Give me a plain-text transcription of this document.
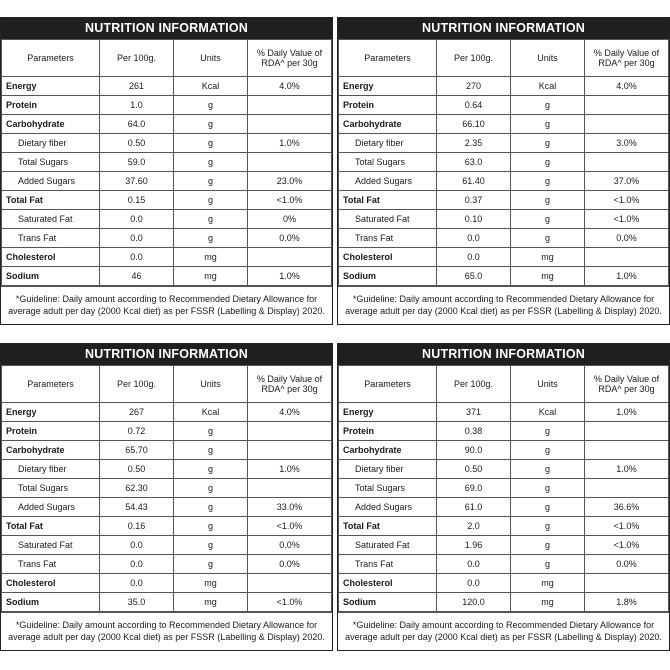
NUTRITION INFORMATION
Parameters	Per 100g.	Units	% Daily Value of RDA^ per 30g
Energy	261	Kcal	4.0%
Protein	1.0	g	
Carbohydrate	64.0	g	
Dietary fiber	0.50	g	1.0%
Total Sugars	59.0	g	
Added Sugars	37.60	g	23.0%
Total Fat	0.15	g	<1.0%
Saturated Fat	0.0	g	0%
Trans Fat	0.0	g	0.0%
Cholesterol	0.0	mg	
Sodium	46	mg	1.0%
*Guideline: Daily amount according to Recommended Dietary Allowance for average adult per day (2000 Kcal diet) as per FSSR (Labelling & Display) 2020.
NUTRITION INFORMATION
Parameters	Per 100g.	Units	% Daily Value of RDA^ per 30g
Energy	270	Kcal	4.0%
Protein	0.64	g	
Carbohydrate	66.10	g	
Dietary fiber	2.35	g	3.0%
Total Sugars	63.0	g	
Added Sugars	61.40	g	37.0%
Total Fat	0.37	g	<1.0%
Saturated Fat	0.10	g	<1.0%
Trans Fat	0.0	g	0.0%
Cholesterol	0.0	mg	
Sodium	65.0	mg	1.0%
*Guideline: Daily amount according to Recommended Dietary Allowance for average adult per day (2000 Kcal diet) as per FSSR (Labelling & Display) 2020.
NUTRITION INFORMATION
Parameters	Per 100g.	Units	% Daily Value of RDA^ per 30g
Energy	267	Kcal	4.0%
Protein	0.72	g	
Carbohydrate	65.70	g	
Dietary fiber	0.50	g	1.0%
Total Sugars	62.30	g	
Added Sugars	54.43	g	33.0%
Total Fat	0.16	g	<1.0%
Saturated Fat	0.0	g	0.0%
Trans Fat	0.0	g	0.0%
Cholesterol	0.0	mg	
Sodium	35.0	mg	<1.0%
*Guideline: Daily amount according to Recommended Dietary Allowance for average adult per day (2000 Kcal diet) as per FSSR (Labelling & Display) 2020.
NUTRITION INFORMATION
Parameters	Per 100g.	Units	% Daily Value of RDA^ per 30g
Energy	371	Kcal	1.0%
Protein	0.38	g	
Carbohydrate	90.0	g	
Dietary fiber	0.50	g	1.0%
Total Sugars	69.0	g	
Added Sugars	61.0	g	36.6%
Total Fat	2.0	g	<1.0%
Saturated Fat	1.96	g	<1.0%
Trans Fat	0.0	g	0.0%
Cholesterol	0.0	mg	
Sodium	120.0	mg	1.8%
*Guideline: Daily amount according to Recommended Dietary Allowance for average adult per day (2000 Kcal diet) as per FSSR (Labelling & Display) 2020.
